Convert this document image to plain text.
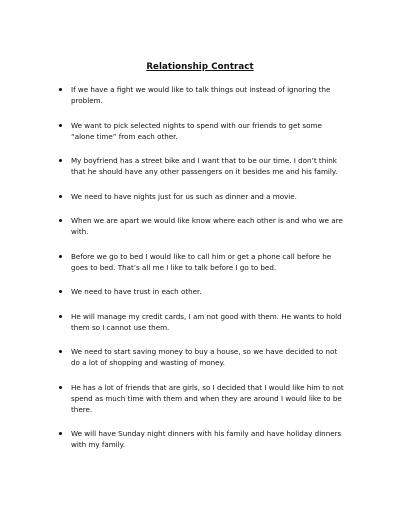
Relationship Contract
If we have a fight we would like to talk things out instead of ignoring the problem.
We want to pick selected nights to spend with our friends to get some “alone time” from each other.
My boyfriend has a street bike and I want that to be our time. I don’t think that he should have any other passengers on it besides me and his family.
We need to have nights just for us such as dinner and a movie.
When we are apart we would like know where each other is and who we are with.
Before we go to bed I would like to call him or get a phone call before he goes to bed. That’s all me I like to talk before I go to bed.
We need to have trust in each other.
He will manage my credit cards, I am not good with them. He wants to hold them so I cannot use them.
We need to start saving money to buy a house, so we have decided to not do a lot of shopping and wasting of money.
He has a lot of friends that are girls, so I decided that I would like him to not spend as much time with them and when they are around I would like to be there.
We will have Sunday night dinners with his family and have holiday dinners with my family.
